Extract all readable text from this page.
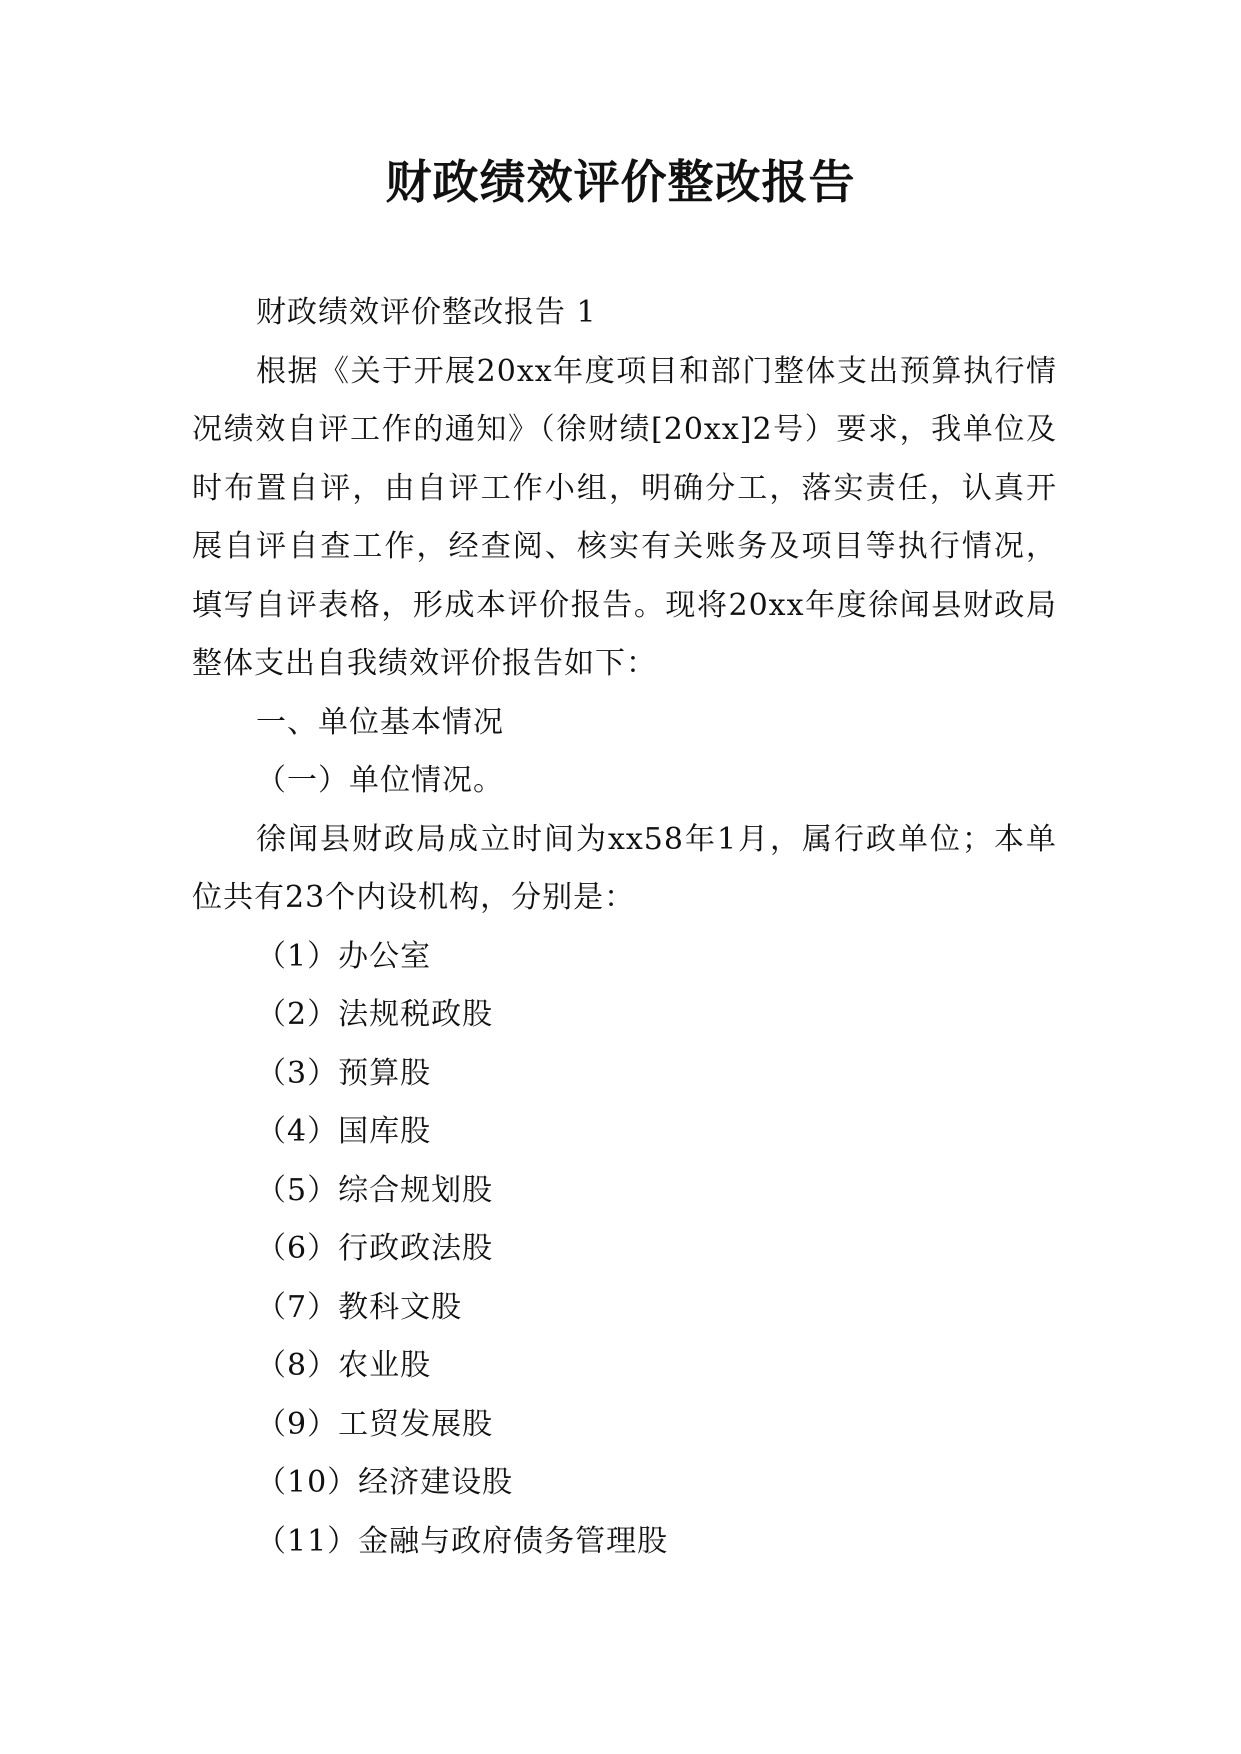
财政绩效评价整改报告

财政绩效评价整改报告 1

根据《关于开展20xx年度项目和部门整体支出预算执行情况绩效自评工作的通知》（徐财绩[20xx]2号）要求，我单位及时布置自评，由自评工作小组，明确分工，落实责任，认真开展自评自查工作，经查阅、核实有关账务及项目等执行情况，填写自评表格，形成本评价报告。现将20xx年度徐闻县财政局整体支出自我绩效评价报告如下：

一、单位基本情况

（一）单位情况。

徐闻县财政局成立时间为xx58年1月，属行政单位；本单位共有23个内设机构，分别是：

（1）办公室

（2）法规税政股

（3）预算股

（4）国库股

（5）综合规划股

（6）行政政法股

（7）教科文股

（8）农业股

（9）工贸发展股

（10）经济建设股

（11）金融与政府债务管理股
